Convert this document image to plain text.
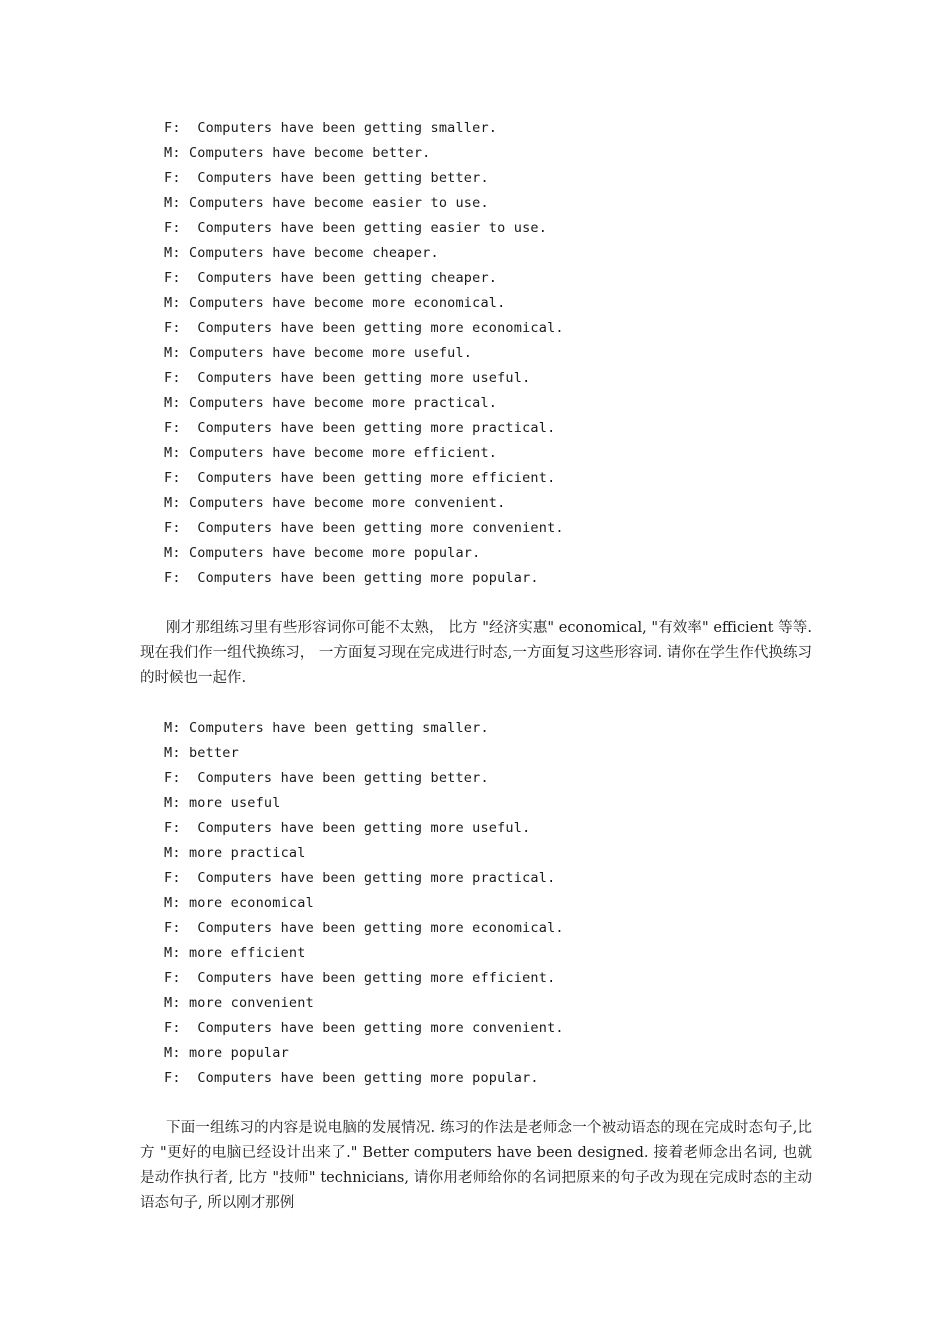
F: Computers have been getting smaller.
M: Computers have become better.
F: Computers have been getting better.
M: Computers have become easier to use.
F: Computers have been getting easier to use.
M: Computers have become cheaper.
F: Computers have been getting cheaper.
M: Computers have become more economical.
F: Computers have been getting more economical.
M: Computers have become more useful.
F: Computers have been getting more useful.
M: Computers have become more practical.
F: Computers have been getting more practical.
M: Computers have become more efficient.
F: Computers have been getting more efficient.
M: Computers have become more convenient.
F: Computers have been getting more convenient.
M: Computers have become more popular.
F: Computers have been getting more popular.

刚才那组练习里有些形容词你可能不太熟， 比方 "经济实惠" economical, "有效率" efficient 等等. 现在我们作一组代换练习， 一方面复习现在完成进行时态,一方面复习这些形容词. 请你在学生作代换练习的时候也一起作.

M: Computers have been getting smaller.
M: better
F: Computers have been getting better.
M: more useful
F: Computers have been getting more useful.
M: more practical
F: Computers have been getting more practical.
M: more economical
F: Computers have been getting more economical.
M: more efficient
F: Computers have been getting more efficient.
M: more convenient
F: Computers have been getting more convenient.
M: more popular
F: Computers have been getting more popular.

下面一组练习的内容是说电脑的发展情况. 练习的作法是老师念一个被动语态的现在完成时态句子,比方 "更好的电脑已经设计出来了." Better computers have been designed. 接着老师念出名词, 也就是动作执行者, 比方 "技师" technicians, 请你用老师给你的名词把原来的句子改为现在完成时态的主动语态句子, 所以刚才那例
